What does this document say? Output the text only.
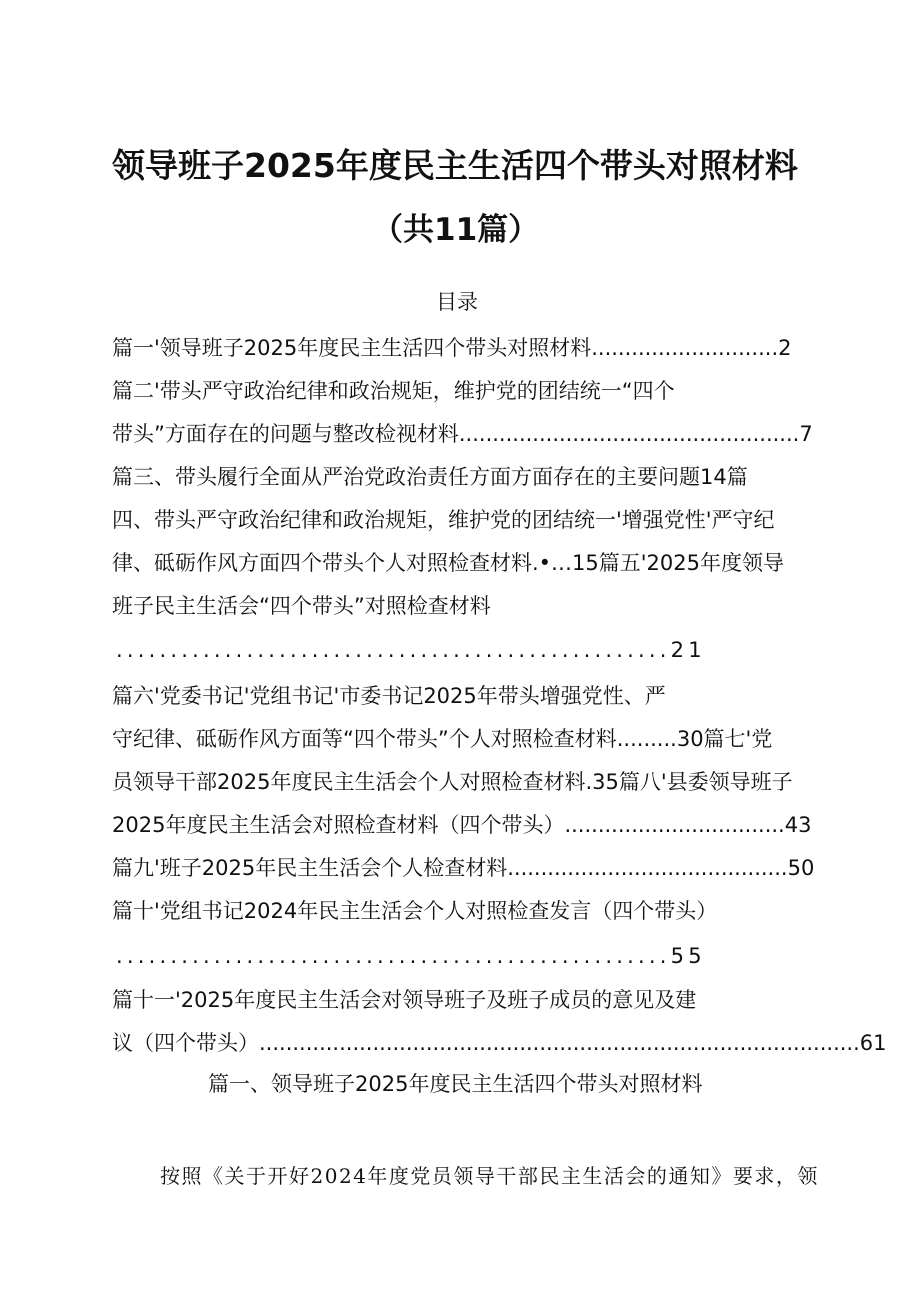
领导班子2025年度民主生活四个带头对照材料
（共11篇）
目录
篇一'领导班子2025年度民主生活四个带头对照材料............................2
篇二'带头严守政治纪律和政治规矩，维护党的团结统一“四个
带头”方面存在的问题与整改检视材料...................................................7
篇三、带头履行全面从严治党政治责任方面方面存在的主要问题14篇
四、带头严守政治纪律和政治规矩，维护党的团结统一'增强党性'严守纪
律、砥砺作风方面四个带头个人对照检查材料.•…15篇五'2025年度领导
班子民主生活会“四个带头”对照检查材料
...................................................21
篇六'党委书记'党组书记'市委书记2025年带头增强党性、严
守纪律、砥砺作风方面等“四个带头”个人对照检查材料.........30篇七'党
员领导干部2025年度民主生活会个人对照检查材料.35篇八'县委领导班子
2025年度民主生活会对照检查材料（四个带头）.................................43
篇九'班子2025年民主生活会个人检查材料..........................................50
篇十'党组书记2024年民主生活会个人对照检查发言（四个带头）
...................................................55
篇十一'2025年度民主生活会对领导班子及班子成员的意见及建
议（四个带头）..........................................................................................61
篇一、领导班子2025年度民主生活四个带头对照材料

按照《关于开好2024年度党员领导干部民主生活会的通知》要求，领
